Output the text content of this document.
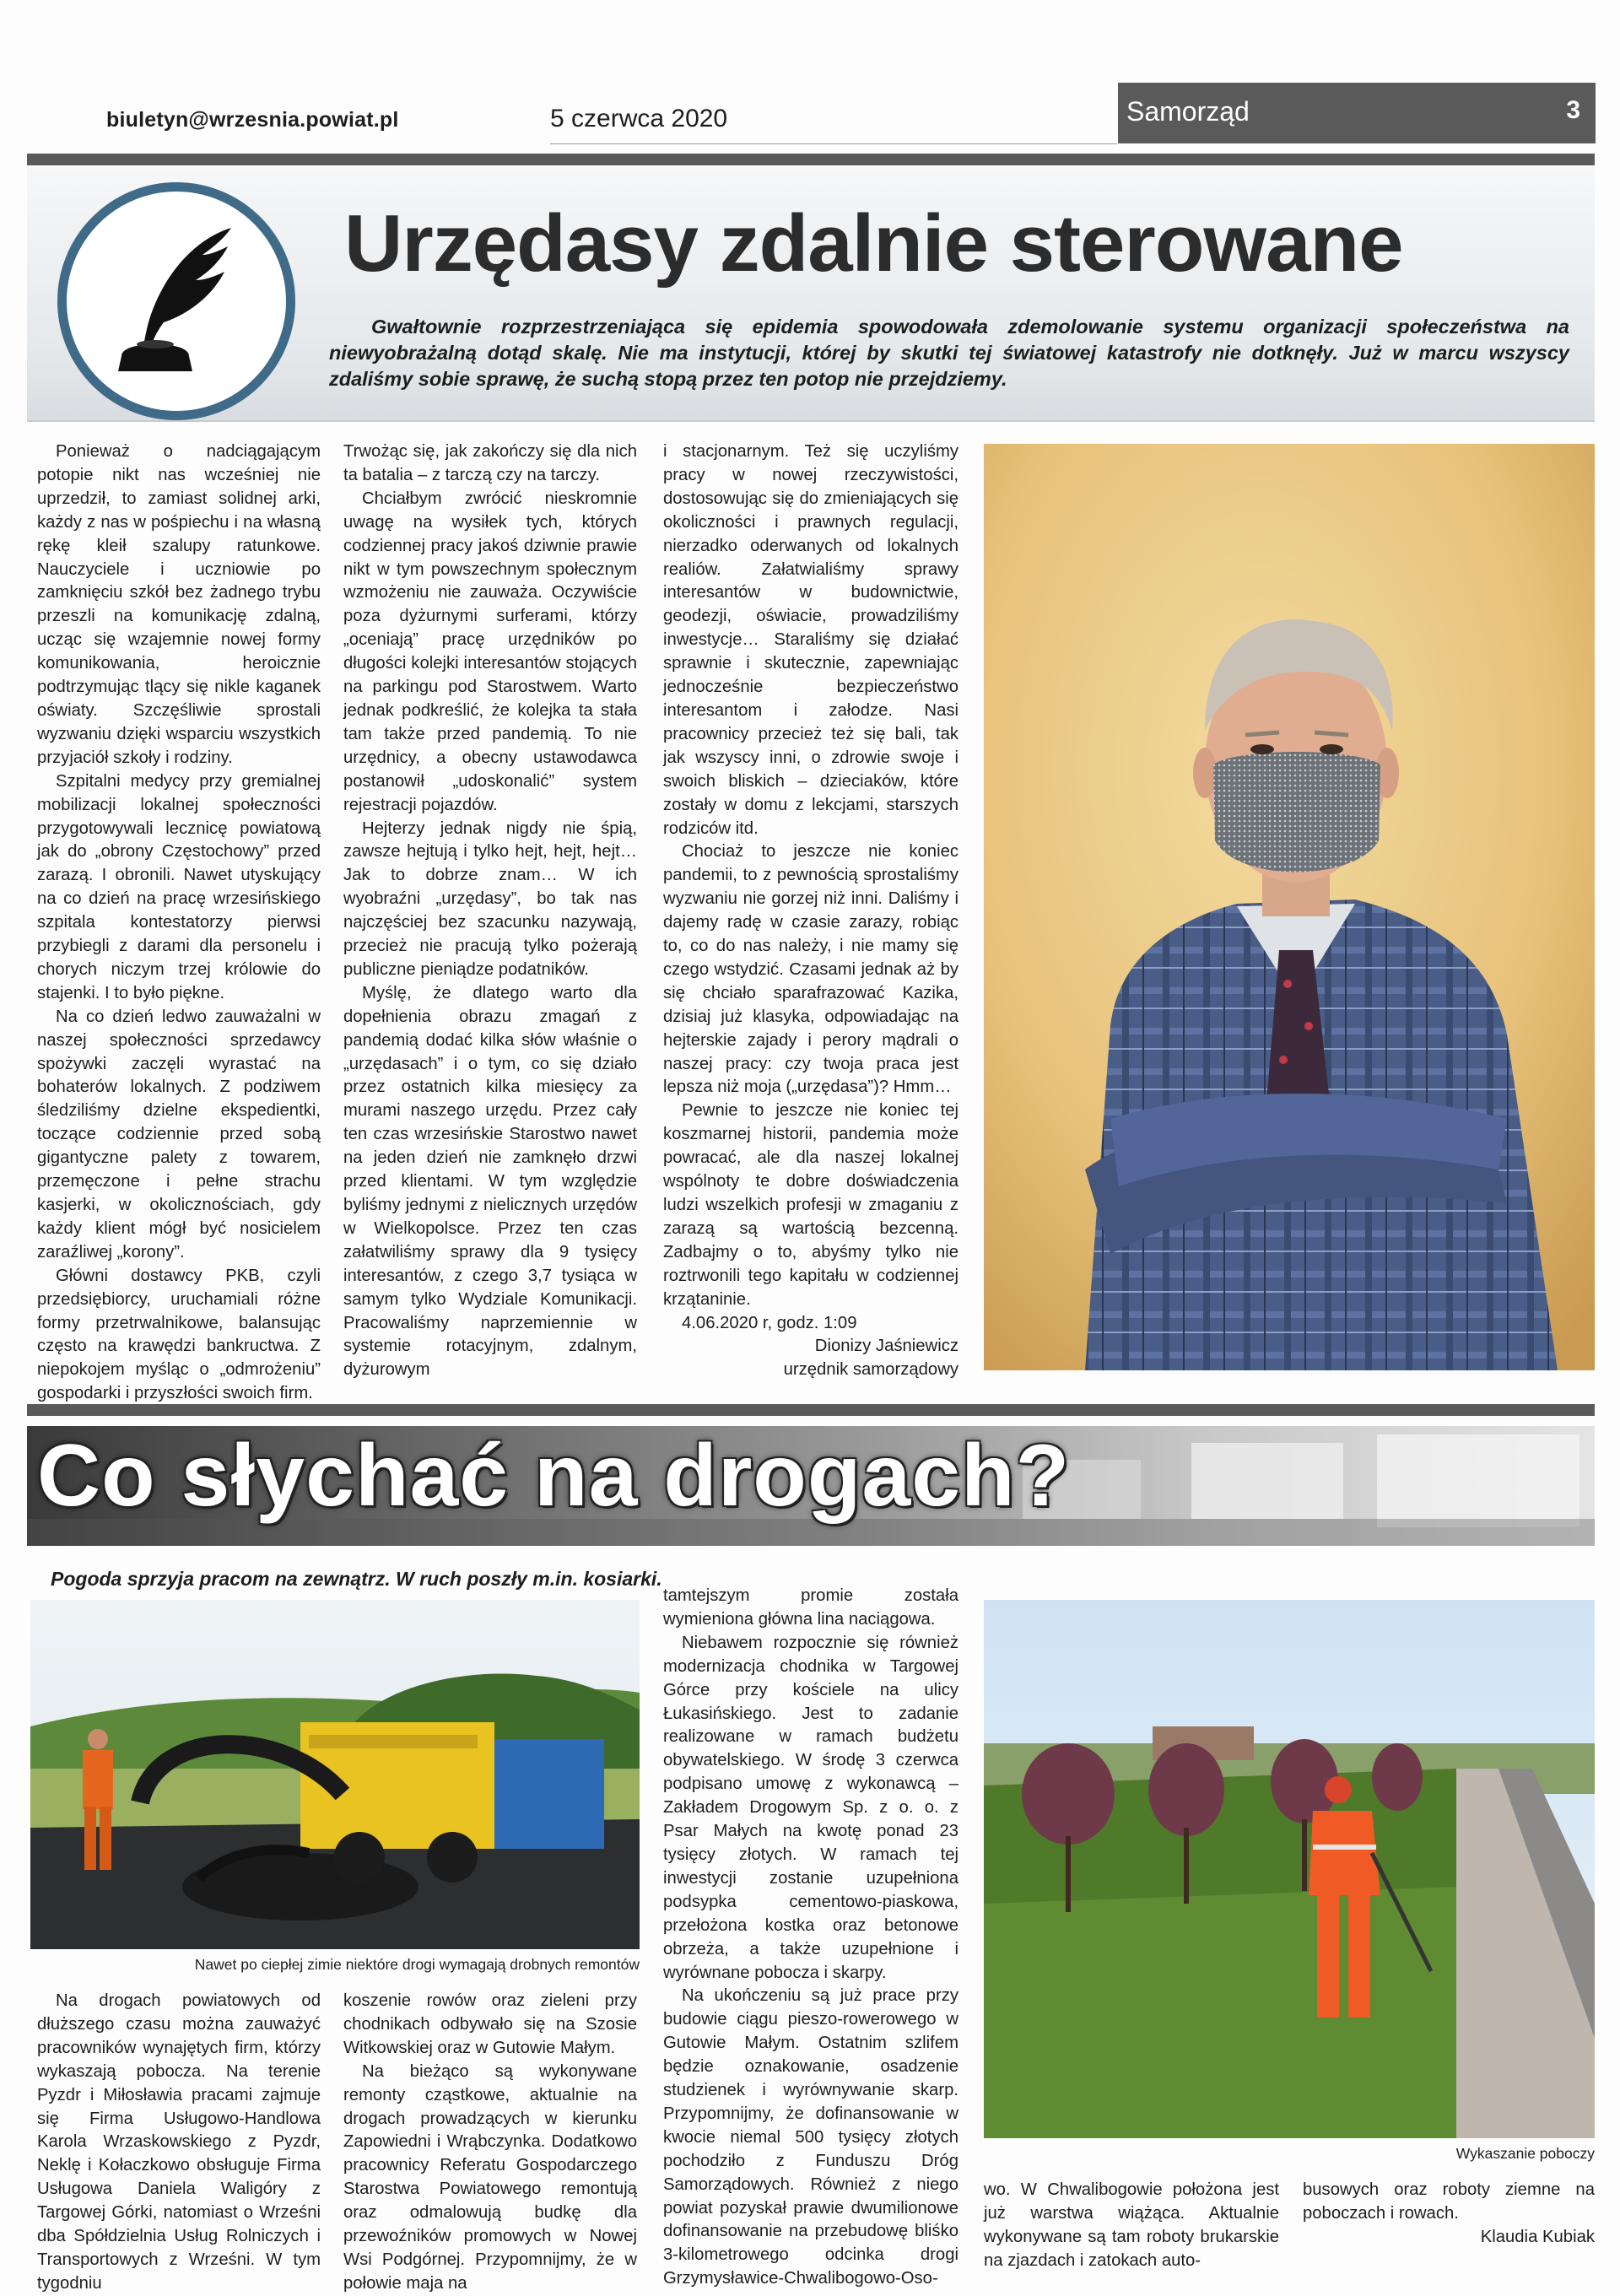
biuletyn@wrzesnia.powiat.pl	5 czerwca 2020	Samorząd	3
Urzędasy zdalnie sterowane
Gwałtownie rozprzestrzeniająca się epidemia spowodowała zdemolowanie systemu organizacji społeczeństwa na niewyobrażalną dotąd skalę. Nie ma instytucji, której by skutki tej światowej katastrofy nie dotknęły. Już w marcu wszyscy zdaliśmy sobie sprawę, że suchą stopą przez ten potop nie przejdziemy.

Ponieważ o nadciągającym potopie nikt nas wcześniej nie uprzedził, to zamiast solidnej arki, każdy z nas w pośpiechu i na własną rękę kleił szalupy ratunkowe. Nauczyciele i uczniowie po zamknięciu szkół bez żadnego trybu przeszli na komunikację zdalną, ucząc się wzajemnie nowej formy komunikowania, heroicznie podtrzymując tlący się nikle kaganek oświaty. Szczęśliwie sprostali wyzwaniu dzięki wsparciu wszystkich przyjaciół szkoły i rodziny.

Szpitalni medycy przy gremialnej mobilizacji lokalnej społeczności przygotowywali lecznicę powiatową jak do „obrony Częstochowy” przed zarazą. I obronili. Nawet utyskujący na co dzień na pracę wrzesińskiego szpitala kontestatorzy pierwsi przybiegli z darami dla personelu i chorych niczym trzej królowie do stajenki. I to było piękne.

Na co dzień ledwo zauważalni w naszej społeczności sprzedawcy spożywki zaczęli wyrastać na bohaterów lokalnych. Z podziwem śledziliśmy dzielne ekspedientki, toczące codziennie przed sobą gigantyczne palety z towarem, przemęczone i pełne strachu kasjerki, w okolicznościach, gdy każdy klient mógł być nosicielem zaraźliwej „korony”.

Główni dostawcy PKB, czyli przedsiębiorcy, uruchamiali różne formy przetrwalnikowe, balansując często na krawędzi bankructwa. Z niepokojem myśląc o „odmrożeniu” gospodarki i przyszłości swoich firm.

Trwożąc się, jak zakończy się dla nich ta batalia – z tarczą czy na tarczy.

Chciałbym zwrócić nieskromnie uwagę na wysiłek tych, których codziennej pracy jakoś dziwnie prawie nikt w tym powszechnym społecznym wzmożeniu nie zauważa. Oczywiście poza dyżurnymi surferami, którzy „oceniają” pracę urzędników po długości kolejki interesantów stojących na parkingu pod Starostwem. Warto jednak podkreślić, że kolejka ta stała tam także przed pandemią. To nie urzędnicy, a obecny ustawodawca postanowił „udoskonalić” system rejestracji pojazdów.

Hejterzy jednak nigdy nie śpią, zawsze hejtują i tylko hejt, hejt, hejt… Jak to dobrze znam… W ich wyobraźni „urzędasy”, bo tak nas najczęściej bez szacunku nazywają, przecież nie pracują tylko pożerają publiczne pieniądze podatników.

Myślę, że dlatego warto dla dopełnienia obrazu zmagań z pandemią dodać kilka słów właśnie o „urzędasach” i o tym, co się działo przez ostatnich kilka miesięcy za murami naszego urzędu. Przez cały ten czas wrzesińskie Starostwo nawet na jeden dzień nie zamknęło drzwi przed klientami. W tym względzie byliśmy jednymi z nielicznych urzędów w Wielkopolsce. Przez ten czas załatwiliśmy sprawy dla 9 tysięcy interesantów, z czego 3,7 tysiąca w samym tylko Wydziale Komunikacji. Pracowaliśmy naprzemiennie w systemie rotacyjnym, zdalnym, dyżurowym

i stacjonarnym. Też się uczyliśmy pracy w nowej rzeczywistości, dostosowując się do zmieniających się okoliczności i prawnych regulacji, nierzadko oderwanych od lokalnych realiów. Załatwialiśmy sprawy interesantów w budownictwie, geodezji, oświacie, prowadziliśmy inwestycje… Staraliśmy się działać sprawnie i skutecznie, zapewniając jednocześnie bezpieczeństwo interesantom i załodze. Nasi pracownicy przecież też się bali, tak jak wszyscy inni, o zdrowie swoje i swoich bliskich – dzieciaków, które zostały w domu z lekcjami, starszych rodziców itd.

Chociaż to jeszcze nie koniec pandemii, to z pewnością sprostaliśmy wyzwaniu nie gorzej niż inni. Daliśmy i dajemy radę w czasie zarazy, robiąc to, co do nas należy, i nie mamy się czego wstydzić. Czasami jednak aż by się chciało sparafrazować Kazika, dzisiaj już klasyka, odpowiadając na hejterskie zajady i perory mądrali o naszej pracy: czy twoja praca jest lepsza niż moja („urzędasa”)? Hmm…

Pewnie to jeszcze nie koniec tej koszmarnej historii, pandemia może powracać, ale dla naszej lokalnej wspólnoty te dobre doświadczenia ludzi wszelkich profesji w zmaganiu z zarazą są wartością bezcenną. Zadbajmy o to, abyśmy tylko nie roztrwonili tego kapitału w codziennej krzątaninie.

4.06.2020 r, godz. 1:09

Dionizy Jaśniewicz

urzędnik samorządowy

Co słychać na drogach?
Pogoda sprzyja pracom na zewnątrz. W ruch poszły m.in. kosiarki.
Nawet po ciepłej zimie niektóre drogi wymagają drobnych remontów

Na drogach powiatowych od dłuższego czasu można zauważyć pracowników wynajętych firm, którzy wykaszają pobocza. Na terenie Pyzdr i Miłosławia pracami zajmuje się Firma Usługowo-Handlowa Karola Wrzaskowskiego z Pyzdr, Neklę i Kołaczkowo obsługuje Firma Usługowa Daniela Waligóry z Targowej Górki, natomiast o Wrześni dba Spółdzielnia Usług Rolniczych i Transportowych z Wrześni. W tym tygodniu

koszenie rowów oraz zieleni przy chodnikach odbywało się na Szosie Witkowskiej oraz w Gutowie Małym.

Na bieżąco są wykonywane remonty cząstkowe, aktualnie na drogach prowadzących w kierunku Zapowiedni i Wrąbczynka. Dodatkowo pracownicy Referatu Gospodarczego Starostwa Powiatowego remontują oraz odmalowują budkę dla przewoźników promowych w Nowej Wsi Podgórnej. Przypomnijmy, że w połowie maja na

tamtejszym promie została wymieniona główna lina naciągowa.

Niebawem rozpocznie się również modernizacja chodnika w Targowej Górce przy kościele na ulicy Łukasińskiego. Jest to zadanie realizowane w ramach budżetu obywatelskiego. W środę 3 czerwca podpisano umowę z wykonawcą – Zakładem Drogowym Sp. z o. o. z Psar Małych na kwotę ponad 23 tysięcy złotych. W ramach tej inwestycji zostanie uzupełniona podsypka cementowo-piaskowa, przełożona kostka oraz betonowe obrzeża, a także uzupełnione i wyrównane pobocza i skarpy.

Na ukończeniu są już prace przy budowie ciągu pieszo-rowerowego w Gutowie Małym. Ostatnim szlifem będzie oznakowanie, osadzenie studzienek i wyrównywanie skarp. Przypomnijmy, że dofinansowanie w kwocie niemal 500 tysięcy złotych pochodziło z Funduszu Dróg Samorządowych. Również z niego powiat pozyskał prawie dwumilionowe dofinansowanie na przebudowę bliśko 3-kilometrowego odcinka drogi Grzymysławice-Chwalibogowo-Oso-

Wykaszanie poboczy

wo. W Chwalibogowie położona jest już warstwa wiążąca. Aktualnie wykonywane są tam roboty brukarskie na zjazdach i zatokach auto-

busowych oraz roboty ziemne na poboczach i rowach.

Klaudia Kubiak
